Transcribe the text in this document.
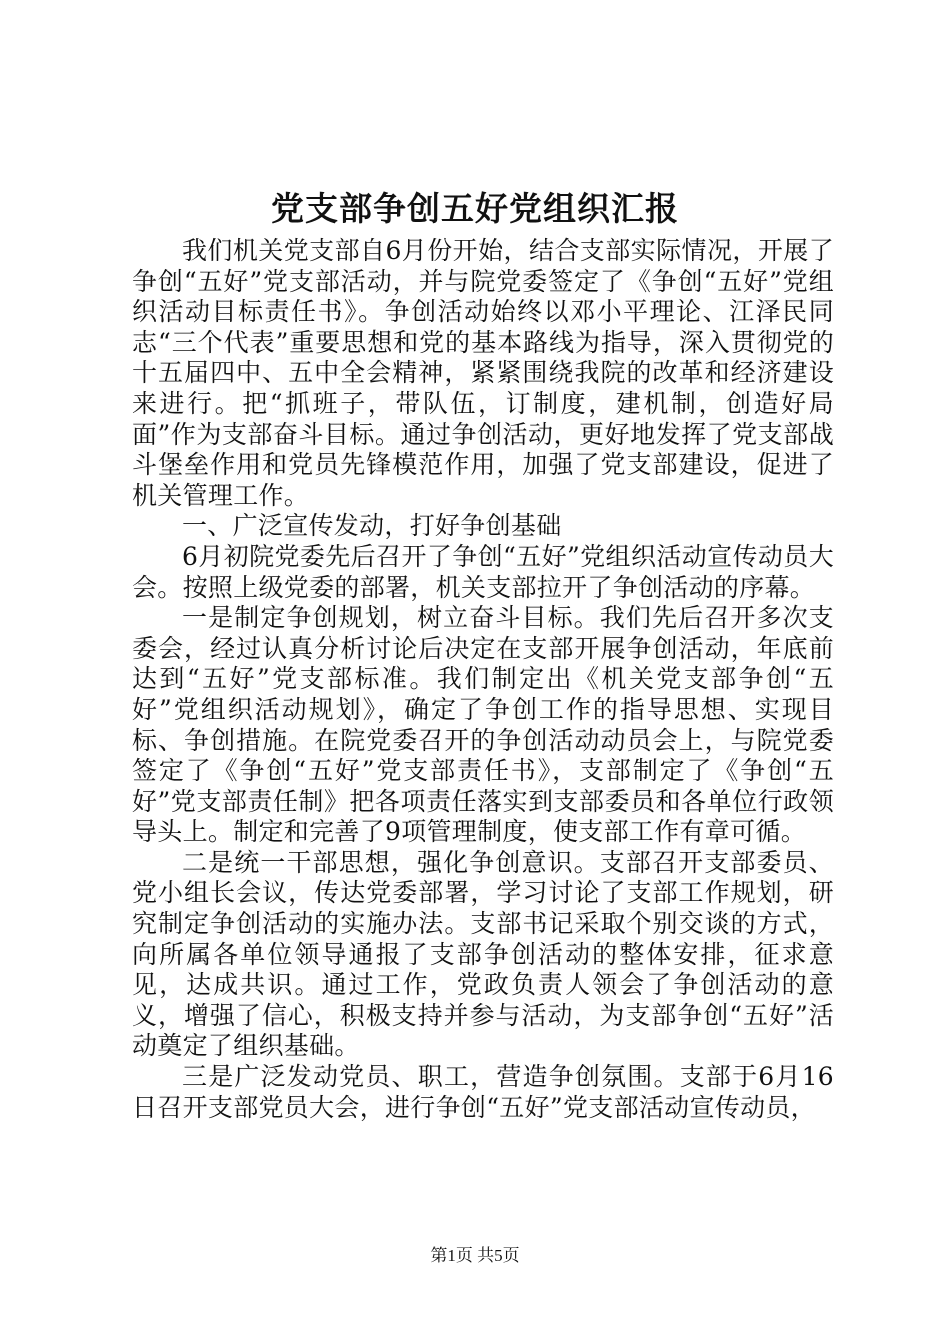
党支部争创五好党组织汇报

我们机关党支部自6月份开始，结合支部实际情况，开展了争创“五好”党支部活动，并与院党委签定了《争创“五好”党组织活动目标责任书》。争创活动始终以邓小平理论、江泽民同志“三个代表”重要思想和党的基本路线为指导，深入贯彻党的十五届四中、五中全会精神，紧紧围绕我院的改革和经济建设来进行。把“抓班子，带队伍，订制度，建机制，创造好局面”作为支部奋斗目标。通过争创活动，更好地发挥了党支部战斗堡垒作用和党员先锋模范作用，加强了党支部建设，促进了机关管理工作。

一、广泛宣传发动，打好争创基础

6月初院党委先后召开了争创“五好”党组织活动宣传动员大会。按照上级党委的部署，机关支部拉开了争创活动的序幕。

一是制定争创规划，树立奋斗目标。我们先后召开多次支委会，经过认真分析讨论后决定在支部开展争创活动，年底前达到“五好”党支部标准。我们制定出《机关党支部争创“五好”党组织活动规划》，确定了争创工作的指导思想、实现目标、争创措施。在院党委召开的争创活动动员会上，与院党委签定了《争创“五好”党支部责任书》，支部制定了《争创“五好”党支部责任制》把各项责任落实到支部委员和各单位行政领导头上。制定和完善了9项管理制度，使支部工作有章可循。

二是统一干部思想，强化争创意识。支部召开支部委员、党小组长会议，传达党委部署，学习讨论了支部工作规划，研究制定争创活动的实施办法。支部书记采取个别交谈的方式，向所属各单位领导通报了支部争创活动的整体安排，征求意见，达成共识。通过工作，党政负责人领会了争创活动的意义，增强了信心，积极支持并参与活动，为支部争创“五好”活动奠定了组织基础。

三是广泛发动党员、职工，营造争创氛围。支部于6月16日召开支部党员大会，进行争创“五好”党支部活动宣传动员，

第1页 共5页
